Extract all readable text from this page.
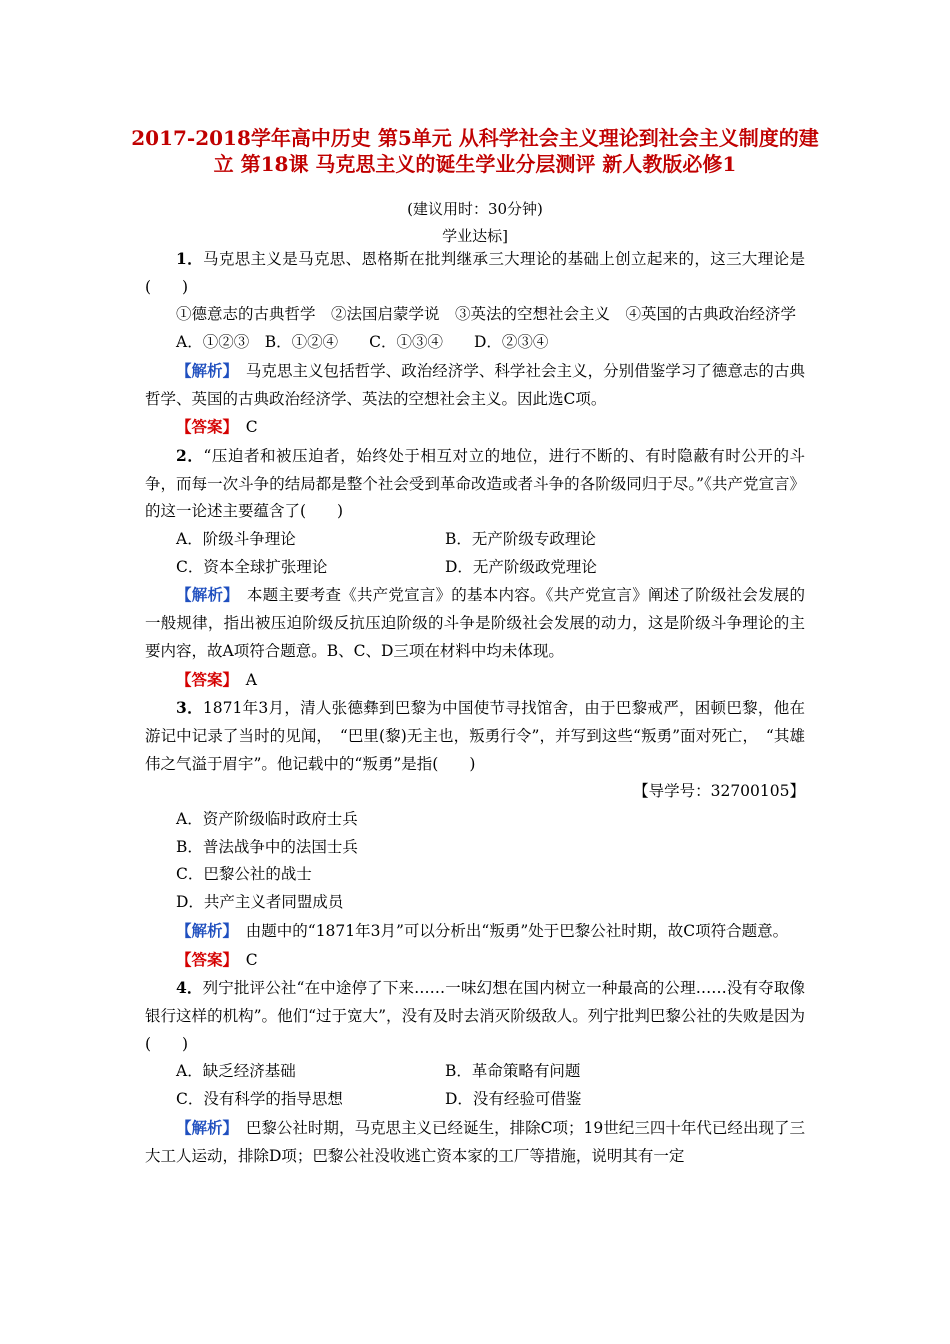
2017-2018学年高中历史 第5单元 从科学社会主义理论到社会主义制度的建立 第18课 马克思主义的诞生学业分层测评 新人教版必修1
(建议用时：30分钟)
学业达标]

1．马克思主义是马克思、恩格斯在批判继承三大理论的基础上创立起来的，这三大理论是(　　)

①德意志的古典哲学　②法国启蒙学说　③英法的空想社会主义　④英国的古典政治经济学

A．①②③　B．①②④　　C．①③④　　D．②③④

【解析】　马克思主义包括哲学、政治经济学、科学社会主义，分别借鉴学习了德意志的古典哲学、英国的古典政治经济学、英法的空想社会主义。因此选C项。

【答案】　C

2．“压迫者和被压迫者，始终处于相互对立的地位，进行不断的、有时隐蔽有时公开的斗争，而每一次斗争的结局都是整个社会受到革命改造或者斗争的各阶级同归于尽。”《共产党宣言》的这一论述主要蕴含了(　　)

A．阶级斗争理论	B．无产阶级专政理论
C．资本全球扩张理论	D．无产阶级政党理论

【解析】　本题主要考查《共产党宣言》的基本内容。《共产党宣言》阐述了阶级社会发展的一般规律，指出被压迫阶级反抗压迫阶级的斗争是阶级社会发展的动力，这是阶级斗争理论的主要内容，故A项符合题意。B、C、D三项在材料中均未体现。

【答案】　A

3．1871年3月，清人张德彝到巴黎为中国使节寻找馆舍，由于巴黎戒严，困顿巴黎，他在游记中记录了当时的见闻，　“巴里(黎)无主也，叛勇行令”，并写到这些“叛勇”面对死亡，　“其雄伟之气溢于眉宇”。他记载中的“叛勇”是指(　　)

【导学号：32700105】

A．资产阶级临时政府士兵

B．普法战争中的法国士兵

C．巴黎公社的战士

D．共产主义者同盟成员

【解析】　由题中的“1871年3月”可以分析出“叛勇”处于巴黎公社时期，故C项符合题意。

【答案】　C

4．列宁批评公社“在中途停了下来……一味幻想在国内树立一种最高的公理……没有夺取像银行这样的机构”。他们“过于宽大”，没有及时去消灭阶级敌人。列宁批判巴黎公社的失败是因为(　　)

A．缺乏经济基础	B．革命策略有问题
C．没有科学的指导思想	D．没有经验可借鉴

【解析】　巴黎公社时期，马克思主义已经诞生，排除C项；19世纪三四十年代已经出现了三大工人运动，排除D项；巴黎公社没收逃亡资本家的工厂等措施，说明其有一定
